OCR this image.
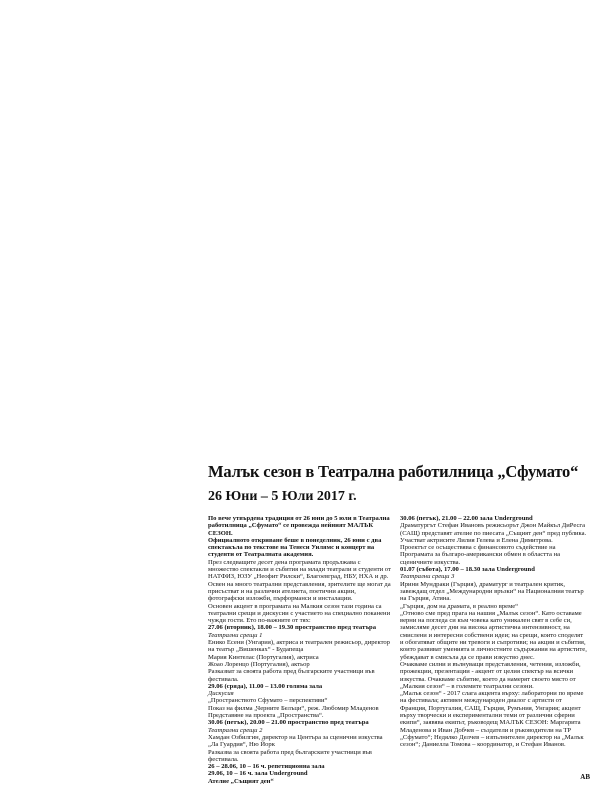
Малък сезон в Театрална работилница „Сфумато“
26 Юни – 5 Юли 2017 г.

По вече утвърдена традиция от 26 юни до 5 юли в Театрална работилница „Сфумато“ се провежда нейният МАЛЪК СЕЗОН.

Официалното откриване беше в понеделник, 26 юни с два спектакъла по текстове на Тенеси Уилямс и концерт на студенти от Театралната академия.

През следващите десет дена програмата продължава с множество спектакли и събития на млади театрали и студенти от НАТФИЗ, ЮЗУ „Неофит Рилски“, Благоевград, НБУ, НХА и др. Освен на много театрални представления, зрителите ще могат да присъстват и на различни ателиета, поетични акции, фотографски изложби, пърформанси и инсталации.

Основен акцент в програмата на Малкия сезон тази година са театрални срещи и дискусии с участието на специално поканени чужди гости. Ето по-важните от тях:

27.06 (вторник), 18.00 – 19.30 пространство пред театъра

Театрални срещи 1

Енико Есени (Унгария), актриса и театрален режисьор, директор на театър „Вишенках“ - Будапеща

Мария Кинтелас (Португалия), актриса

Жоао Лоренцо (Португалия), актьор

Разказват за своята работа пред българските участници във фестивала.

29.06 (сряда), 11.00 – 13.00 голяма зала

Дискусия

„Пространството Сфумато – перспективи“

Показ на филма „Черните Белъци“, реж. Любомир Младенов

Представяне на проекта „Пространства“.

30.06 (петък), 20.00 – 21.00 пространство пред театъра

Театрални срещи 2

Хамдан Озбилгин, директор на Центъра за сценични изкуства „Ла Гуардия“, Ню Йорк

Разказва за своята работа пред българските участници във фестивала.

26 – 28.06, 10 – 16 ч. репетиционна зала

29.06, 10 – 16 ч. зала Underground

Ателие „Същият ден“

30.06 (петък), 21.00 – 22.00 зала Underground

Драматургът Стефан Ивановъ режисьорът Джон Майкъл ДиРесга (САЩ) представят ателие по пиесата „Същият ден“ пред публика. Участват актрисите Лилия Гелева и Елена Димитрова.

Проектът се осъществява с финансовото съдействие на Програмата за българо-американски обмен в областта на сценичните изкуства.

01.07 (събота), 17.00 – 18.30 зала Underground

Театрални срещи 3

Ирини Мундраки (Гърция), драматург и театрален критик, завеждащ отдел „Международни връзки“ на Националния театър на Гърция, Атина.

„Гърция, дом на драмата, в реално време“

„Отново сме пред прага на нашия „Малък сезон“. Като оставаме верни на погледа си към човека като уникален свят в себе си, замисляме десет дни на висока артистична интензивност, на смислени и интересни собствени идеи; на срещи, които споделят и обогатяват общите ни тревоги и съпротиви; на акции и събития, които развиват уменията и личностните съдържания на артистите, убеждават в смисъла да се прави изкуство днес.

Очакваме силни и вълнуващи представления, четения, изложби, прожекции, презентации - акцент от целия спектър на всички изкуства. Очакваме събитие, което да намерят своето място от „Малкия сезон“ – в големите театрални сезони.

„Малък сезон“ - 2017 слага акцента върху: лабораторни по време на фестивала; активен международен диалог с артисти от Франция, Португалия, САЩ, Гърция, Румъния, Унгария; акцент върху творчески и експериментални теми от различни сферни екипи“, заявява екипът, ръководещ МАЛЪК СЕЗОН: Маргарита Младенова и Иван Добчев – създатели и ръководители на ТР „Сфумато“; Недялко Делчев – изпълнителен директор на „Малък сезон“; Даниелла Томова – координатор, и Стефан Иванов.

AB
